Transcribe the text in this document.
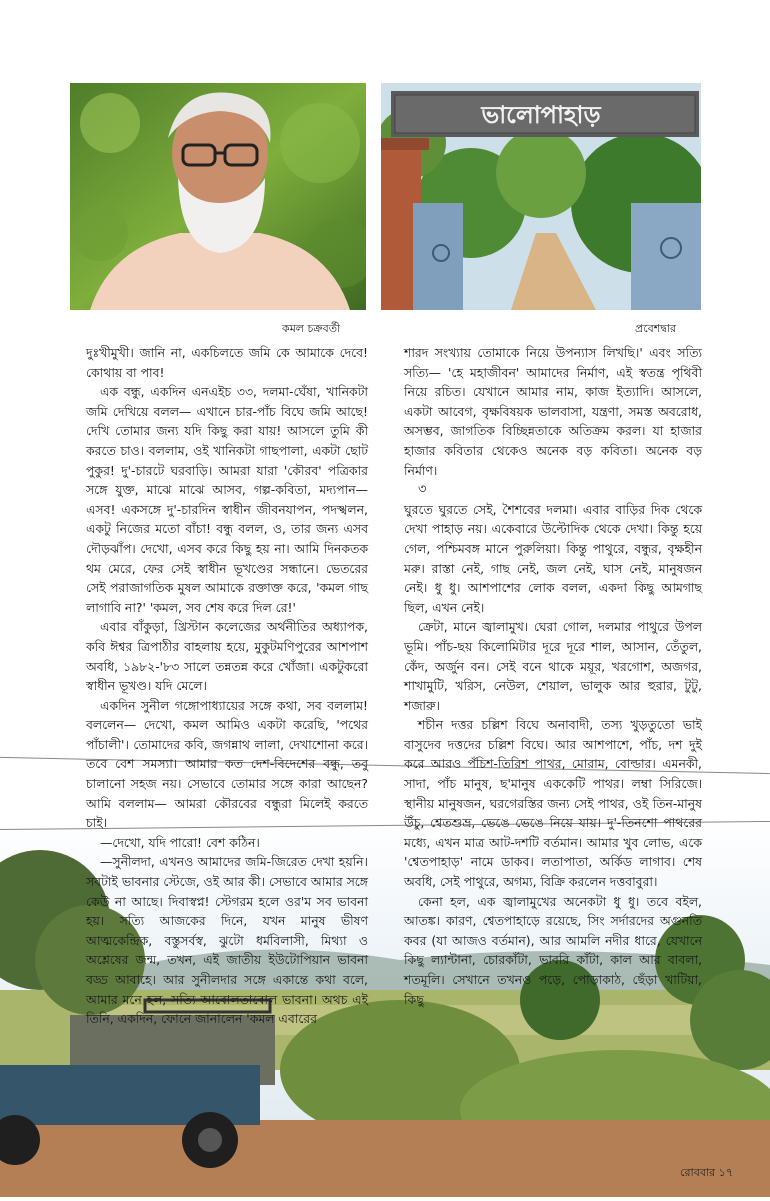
কমল চক্রবর্তী
ভালোপাহাড়
প্রবেশদ্বার

দুঃখীমুখী। জানি না, একচিলতে জমি কে আমাকে দেবে! কোথায় বা পাব!

এক বন্ধু, একদিন এনএইচ ৩৩, দলমা-ঘেঁষা, খানিকটা জমি দেখিয়ে বলল— এখানে চার-পাঁচ বিঘে জমি আছে! দেখি তোমার জন্য যদি কিছু করা যায়! আসলে তুমি কী করতে চাও। বললাম, ওই খানিকটা গাছপালা, একটা ছোট পুকুর! দু'-চারটে ঘরবাড়ি। আমরা যারা 'কৌরব' পত্রিকার সঙ্গে যুক্ত, মাঝে মাঝে আসব, গল্প-কবিতা, মদ্যপান— এসব! একসঙ্গে দু'-চারদিন স্বাধীন জীবনযাপন, পদস্খলন, একটু নিজের মতো বাঁচা! বন্ধু বলল, ও, তার জন্য এসব দৌড়ঝাঁপ। দেখো, এসব করে কিছু হয় না। আমি দিনকতক থম মেরে, ফের সেই স্বাধীন ভূখণ্ডের সন্ধানে। ভেতরের সেই পরাজাগতিক মুষল আমাকে রক্তাক্ত করে, 'কমল গাছ লাগাবি না?' 'কমল, সব শেষ করে দিল রে!'

এবার বাঁকুড়া, খ্রিস্টান কলেজের অর্থনীতির অধ্যাপক, কবি ঈশ্বর ত্রিপাঠীর বাহলায় হয়ে, মুকুটমণিপুরের আশপাশ অবধি, ১৯৮২-'৮৩ সালে তন্নতন্ন করে খোঁজা। একটুকরো স্বাধীন ভূখণ্ড। যদি মেলে।

একদিন সুনীল গঙ্গোপাধ্যায়ের সঙ্গে কথা, সব বললাম! বললেন— দেখো, কমল আমিও একটা করেছি, 'পথের পাঁচালী'। তোমাদের কবি, জগন্নাথ লালা, দেখাশোনা করে। তবে বেশ সমস্যা। আমার কত দেশ-বিদেশের বন্ধু, তবু চালানো সহজ নয়। সেভাবে তোমার সঙ্গে কারা আছেন? আমি বললাম— আমরা কৌরবের বন্ধুরা মিলেই করতে চাই।

—দেখো, যদি পারো! বেশ কঠিন।

—সুনীলদা, এখনও আমাদের জমি-জিরেত দেখা হয়নি। সবটাই ভাবনার স্টেজে, ওই আর কী। সেভাবে আমার সঙ্গে কেউ না আছে। দিবাস্বপ্ন! স্টেগরম হলে ওর'ম সব ভাবনা হয়। সত্যি আজকের দিনে, যখন মানুষ ভীষণ আত্মকেন্দ্রিক, বস্তুসর্বস্ব, ঝুটো ধর্মবিলাসী, মিথ্যা ও অশ্লেষের জন্ম, তখন, এই জাতীয় ইউটোপিয়ান ভাবনা বড্ড আবাহে। আর সুনীলদার সঙ্গে একান্তে কথা বলে, আমার মনে হল, সত্যি আবোলতাবোল ভাবনা। অথচ এই তিনি, একদিন, ফোনে জানালেন 'কমল এবারের

শারদ সংখ্যায় তোমাকে নিয়ে উপন্যাস লিখছি।' এবং সত্যি সত্যি— 'হে মহাজীবন' আমাদের নির্মাণ, এই স্বতন্ত্র পৃথিবী নিয়ে রচিত। যেখানে আমার নাম, কাজ ইত্যাদি। আসলে, একটা আবেগ, বৃক্ষবিষয়ক ভালবাসা, যন্ত্রণা, সমস্ত অবরোধ, অসম্ভব, জাগতিক বিচ্ছিন্নতাকে অতিক্রম করল। যা হাজার হাজার কবিতার থেকেও অনেক বড় কবিতা। অনেক বড় নির্মাণ।

৩

ঘুরতে ঘুরতে সেই, শৈশবের দলমা। এবার বাড়ির দিক থেকে দেখা পাহাড় নয়। একেবারে উল্টোদিক থেকে দেখা। কিন্তু হয়ে গেল, পশ্চিমবঙ্গ মানে পুরুলিয়া। কিন্তু পাথুরে, বন্ধুর, বৃক্ষহীন মরু। রাস্তা নেই, গাছ নেই, জল নেই, ঘাস নেই, মানুষজন নেই। ধু ধু। আশপাশের লোক বলল, একদা কিছু আমগাছ ছিল, এখন নেই।

ক্রেটা, মানে জ্বালামুখ। ঘেরা গোল, দলমার পাথুরে উপল ভূমি। পাঁচ-ছয় কিলোমিটার দূরে দূরে শাল, আসান, তেঁতুল, কেঁদ, অর্জুন বন। সেই বনে থাকে ময়ূর, খরগোশ, অজগর, শাখামুটি, খরিস, নেউল, শেয়াল, ভালুক আর হুরার, টুটু, শজারু।

শচীন দত্তর চল্লিশ বিঘে অনাবাদী, তস্য খুড়তুতো ভাই বাসুদেব দত্তদের চল্লিশ বিঘে। আর আশপাশে, পাঁচ, দশ দুই করে আরও পঁচিশ-তিরিশ পাথর, মোরাম, বোল্ডার। এমনকী, সাদা, পাঁচ মানুষ, ছ'মানুষ এককেটি পাথর। লম্বা সিরিজে। স্থানীয় মানুষজন, ঘরগেরস্তির জন্য সেই পাথর, ওই তিন-মানুষ উঁচু, শ্বেতশুভ্র, ভেঙে ভেঙে নিয়ে যায়। দু'-তিনশো পাথরের মধ্যে, এখন মাত্র আট-দশটি বর্তমান। আমার খুব লোভ, একে 'শ্বেতপাহাড়' নামে ডাকব। লতাপাতা, অর্কিড লাগাব। শেষ অবধি, সেই পাথুরে, অগম্য, বিক্রি করলেন দত্তবাবুরা।

কেনা হল, এক জ্বালামুখের অনেকটা ধু ধু। তবে বইল, আতঙ্ক। কারণ, শ্বেতপাহাড়ে রয়েছে, সিং সর্দারদের অগুনতি কবর (যা আজও বর্তমান), আর আমলি নদীর ধারে, যেখানে কিছু ল্যান্টানা, চোরকাঁটা, ভাবরি কাঁটা, কাল আর বাবলা, শতমূলি। সেখানে তখনও পড়ে, পোড়াকাঠ, ছেঁড়া খাটিয়া, কিছু

রোববার ১৭
